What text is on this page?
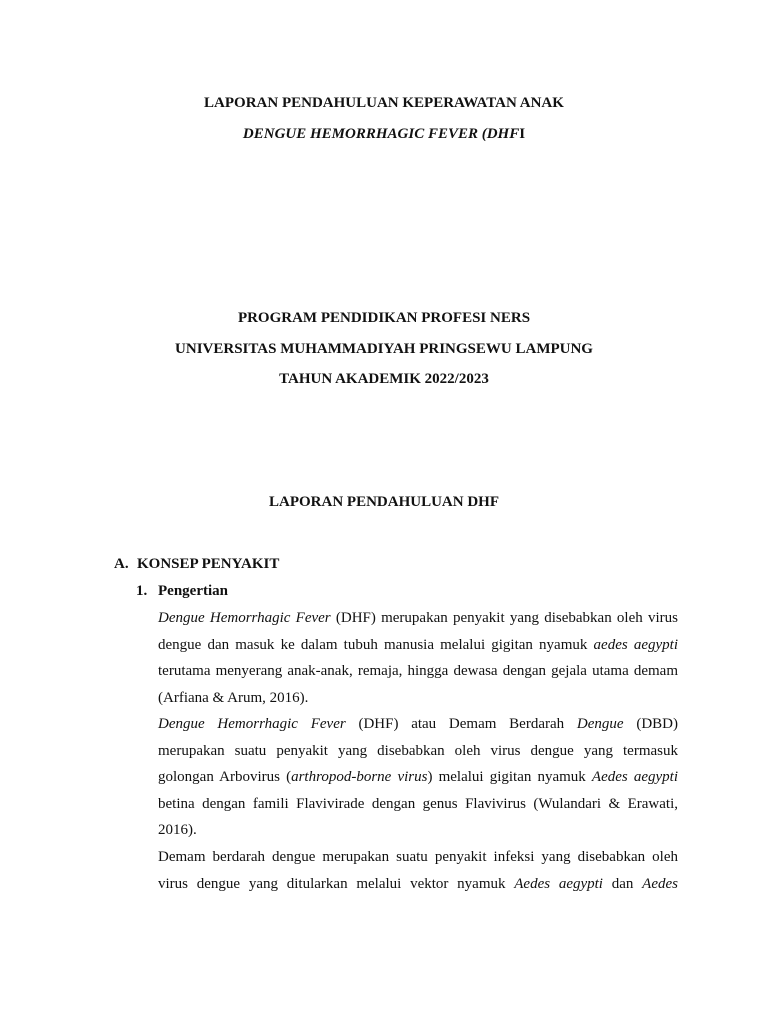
LAPORAN PENDAHULUAN KEPERAWATAN ANAK
DENGUE HEMORRHAGIC FEVER (DHFI
PROGRAM PENDIDIKAN PROFESI NERS
UNIVERSITAS MUHAMMADIYAH PRINGSEWU LAMPUNG
TAHUN AKADEMIK 2022/2023
LAPORAN PENDAHULUAN DHF
A. KONSEP PENYAKIT
1. Pengertian
Dengue Hemorrhagic Fever (DHF) merupakan penyakit yang disebabkan oleh virus
dengue dan masuk ke dalam tubuh manusia melalui gigitan nyamuk aedes aegypti
terutama menyerang anak-anak, remaja, hingga dewasa dengan gejala utama demam
(Arfiana & Arum, 2016).
Dengue Hemorrhagic Fever (DHF) atau Demam Berdarah Dengue (DBD)
merupakan suatu penyakit yang disebabkan oleh virus dengue yang termasuk
golongan Arbovirus (arthropod-borne virus) melalui gigitan nyamuk Aedes aegypti
betina dengan famili Flavivirade dengan genus Flavivirus (Wulandari & Erawati,
2016).
Demam berdarah dengue merupakan suatu penyakit infeksi yang disebabkan oleh
virus dengue yang ditularkan melalui vektor nyamuk Aedes aegypti dan Aedes
